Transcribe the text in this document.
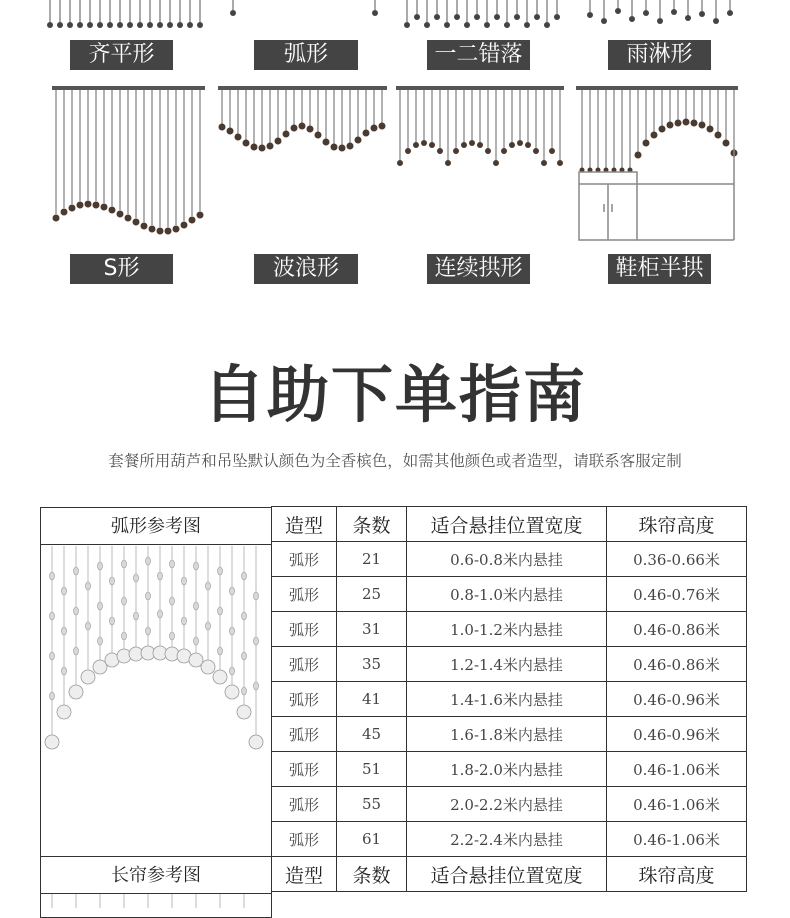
齐平形	弧形	一二错落	雨淋形
S形	波浪形	连续拱形	鞋柜半拱
自助下单指南
套餐所用葫芦和吊坠默认颜色为全香槟色，如需其他颜色或者造型，请联系客服定制
弧形参考图
长帘参考图
造型	条数	适合悬挂位置宽度	珠帘高度
弧形	21	0.6-0.8米内悬挂	0.36-0.66米
弧形	25	0.8-1.0米内悬挂	0.46-0.76米
弧形	31	1.0-1.2米内悬挂	0.46-0.86米
弧形	35	1.2-1.4米内悬挂	0.46-0.86米
弧形	41	1.4-1.6米内悬挂	0.46-0.96米
弧形	45	1.6-1.8米内悬挂	0.46-0.96米
弧形	51	1.8-2.0米内悬挂	0.46-1.06米
弧形	55	2.0-2.2米内悬挂	0.46-1.06米
弧形	61	2.2-2.4米内悬挂	0.46-1.06米
造型	条数	适合悬挂位置宽度	珠帘高度
